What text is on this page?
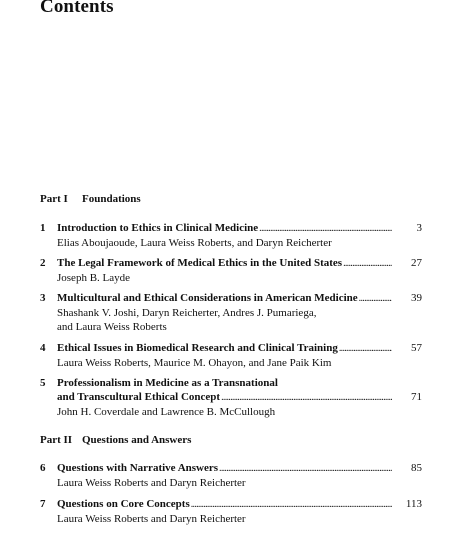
Contents
Part I Foundations
1 Introduction to Ethics in Clinical Medicine . . .	3
Elias Aboujaoude, Laura Weiss Roberts, and Daryn Reicherter
2 The Legal Framework of Medical Ethics in the United States . . .	27
Joseph B. Layde
3 Multicultural and Ethical Considerations in American Medicine . . .	39
Shashank V. Joshi, Daryn Reicherter, Andres J. Pumariega,
and Laura Weiss Roberts
4 Ethical Issues in Biomedical Research and Clinical Training . . .	57
Laura Weiss Roberts, Maurice M. Ohayon, and Jane Paik Kim
5 Professionalism in Medicine as a Transnational
and Transcultural Ethical Concept . . .	71
John H. Coverdale and Lawrence B. McCullough
Part II Questions and Answers
6 Questions with Narrative Answers . . .	85
Laura Weiss Roberts and Daryn Reicherter
7 Questions on Core Concepts . . .	113
Laura Weiss Roberts and Daryn Reicherter
